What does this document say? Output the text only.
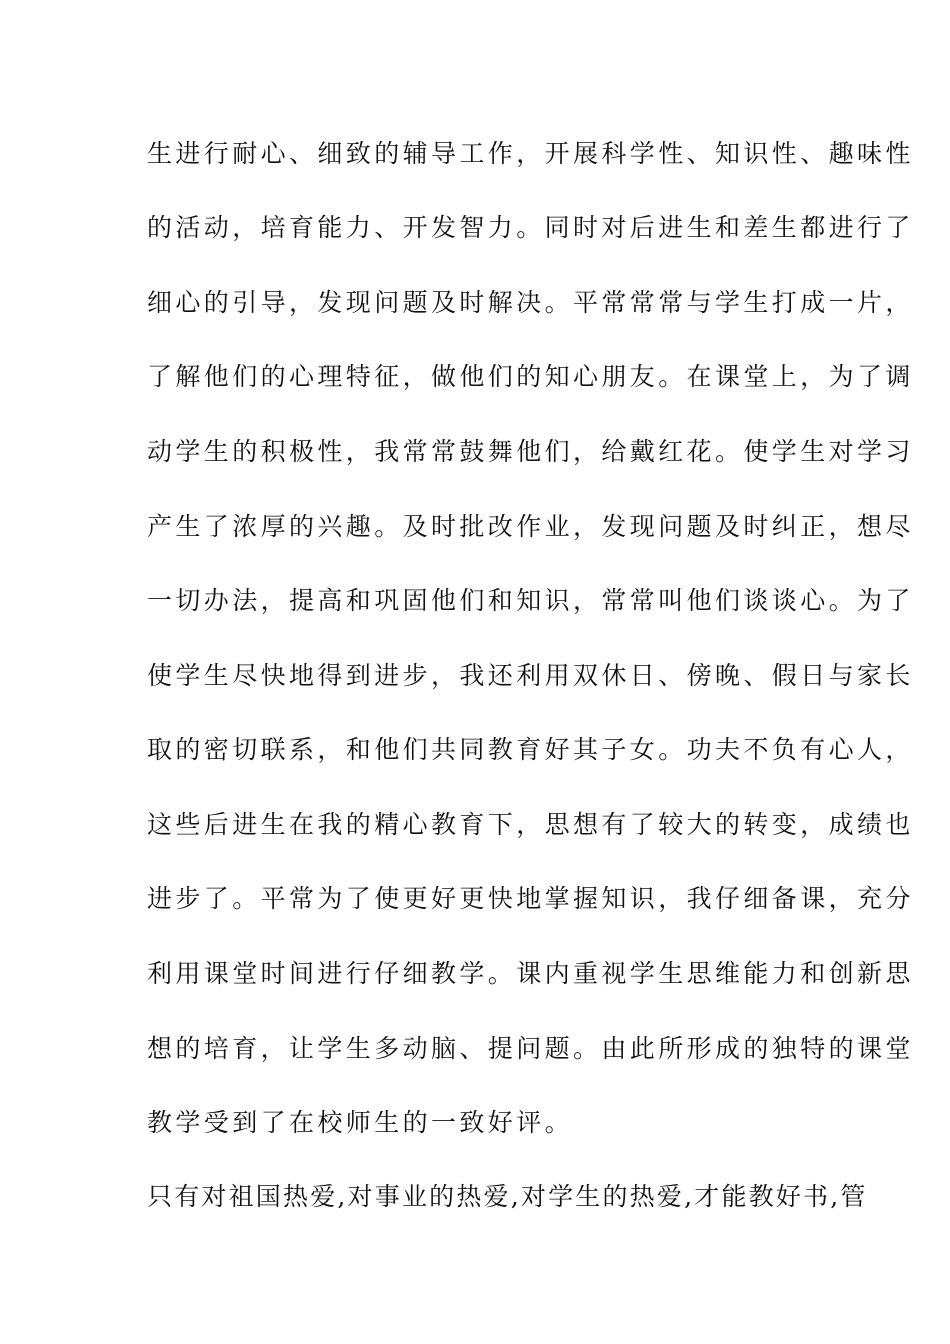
生进行耐心、细致的辅导工作，开展科学性、知识性、趣味性
的活动，培育能力、开发智力。同时对后进生和差生都进行了
细心的引导，发现问题及时解决。平常常常与学生打成一片，
了解他们的心理特征，做他们的知心朋友。在课堂上，为了调
动学生的积极性，我常常鼓舞他们，给戴红花。使学生对学习
产生了浓厚的兴趣。及时批改作业，发现问题及时纠正，想尽
一切办法，提高和巩固他们和知识，常常叫他们谈谈心。为了
使学生尽快地得到进步，我还利用双休日、傍晚、假日与家长
取的密切联系，和他们共同教育好其子女。功夫不负有心人，
这些后进生在我的精心教育下，思想有了较大的转变，成绩也
进步了。平常为了使更好更快地掌握知识，我仔细备课，充分
利用课堂时间进行仔细教学。课内重视学生思维能力和创新思
想的培育，让学生多动脑、提问题。由此所形成的独特的课堂
教学受到了在校师生的一致好评。
只有对祖国热爱,对事业的热爱,对学生的热爱,才能教好书,管
